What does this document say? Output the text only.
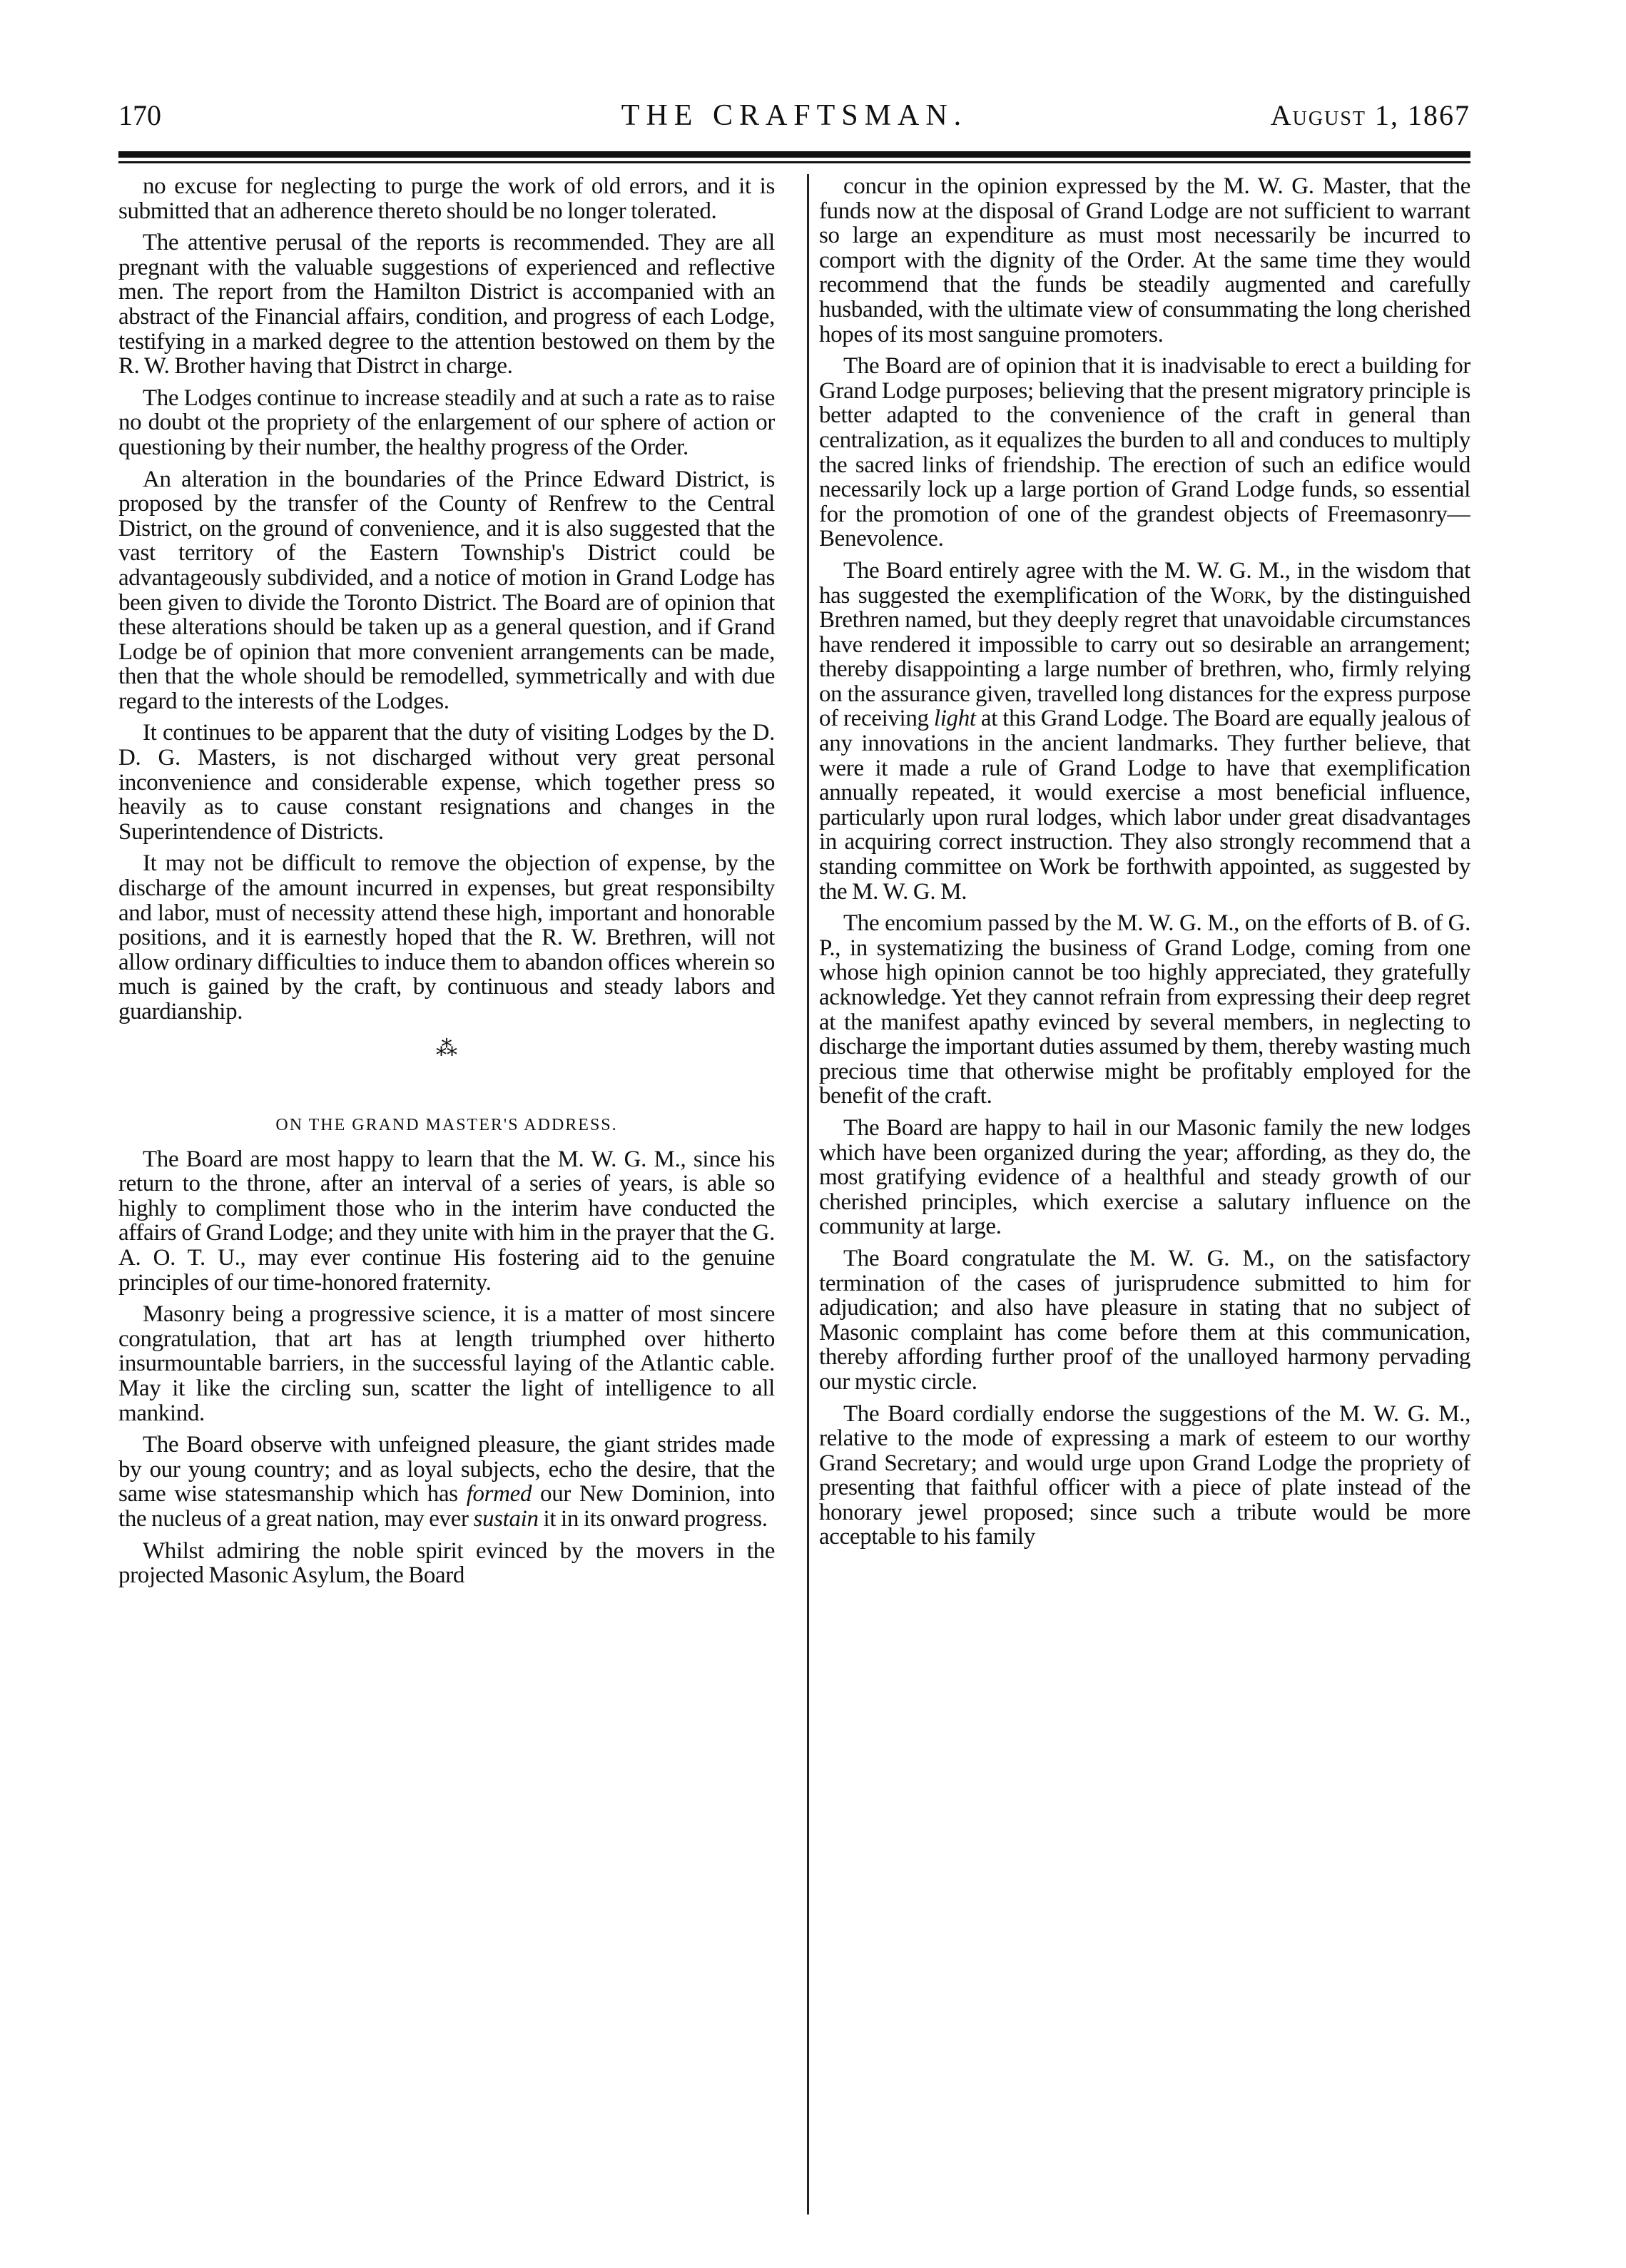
170	THE CRAFTSMAN.	August 1, 1867

no excuse for neglecting to purge the work of old errors, and it is submitted that an adherence thereto should be no longer tolerated.

The attentive perusal of the reports is recommended. They are all pregnant with the valuable suggestions of experienced and reflective men. The report from the Hamilton District is accompanied with an abstract of the Financial affairs, condition, and progress of each Lodge, testifying in a marked degree to the attention bestowed on them by the R. W. Brother having that Distrct in charge.

The Lodges continue to increase steadily and at such a rate as to raise no doubt ot the propriety of the enlargement of our sphere of action or questioning by their number, the healthy progress of the Order.

An alteration in the boundaries of the Prince Edward District, is proposed by the transfer of the County of Renfrew to the Central District, on the ground of convenience, and it is also suggested that the vast territory of the Eastern Township's District could be advantageously subdivided, and a notice of motion in Grand Lodge has been given to divide the Toronto District. The Board are of opinion that these alterations should be taken up as a general question, and if Grand Lodge be of opinion that more convenient arrangements can be made, then that the whole should be remodelled, symmetrically and with due regard to the interests of the Lodges.

It continues to be apparent that the duty of visiting Lodges by the D. D. G. Masters, is not discharged without very great personal inconvenience and considerable expense, which together press so heavily as to cause constant resignations and changes in the Superintendence of Districts.

It may not be difficult to remove the objection of expense, by the discharge of the amount incurred in expenses, but great responsibilty and labor, must of necessity attend these high, important and honorable positions, and it is earnestly hoped that the R. W. Brethren, will not allow ordinary difficulties to induce them to abandon offices wherein so much is gained by the craft, by continuous and steady labors and guardianship.

⁂
ON THE GRAND MASTER'S ADDRESS.

The Board are most happy to learn that the M. W. G. M., since his return to the throne, after an interval of a series of years, is able so highly to compliment those who in the interim have conducted the affairs of Grand Lodge; and they unite with him in the prayer that the G. A. O. T. U., may ever continue His fostering aid to the genuine principles of our time-honored fraternity.

Masonry being a progressive science, it is a matter of most sincere congratulation, that art has at length triumphed over hitherto insurmountable barriers, in the successful laying of the Atlantic cable. May it like the circling sun, scatter the light of intelligence to all mankind.

The Board observe with unfeigned pleasure, the giant strides made by our young country; and as loyal subjects, echo the desire, that the same wise statesmanship which has formed our New Dominion, into the nucleus of a great nation, may ever sustain it in its onward progress.

Whilst admiring the noble spirit evinced by the movers in the projected Masonic Asylum, the Board

concur in the opinion expressed by the M. W. G. Master, that the funds now at the disposal of Grand Lodge are not sufficient to warrant so large an expenditure as must most necessarily be incurred to comport with the dignity of the Order. At the same time they would recommend that the funds be steadily augmented and carefully husbanded, with the ultimate view of consummating the long cherished hopes of its most sanguine promoters.

The Board are of opinion that it is inadvisable to erect a building for Grand Lodge purposes; believing that the present migratory principle is better adapted to the convenience of the craft in general than centralization, as it equalizes the burden to all and conduces to multiply the sacred links of friendship. The erection of such an edifice would necessarily lock up a large portion of Grand Lodge funds, so essential for the promotion of one of the grandest objects of Freemasonry—Benevolence.

The Board entirely agree with the M. W. G. M., in the wisdom that has suggested the exemplification of the Work, by the distinguished Brethren named, but they deeply regret that unavoidable circumstances have rendered it impossible to carry out so desirable an arrangement; thereby disappointing a large number of brethren, who, firmly relying on the assurance given, travelled long distances for the express purpose of receiving light at this Grand Lodge. The Board are equally jealous of any innovations in the ancient landmarks. They further believe, that were it made a rule of Grand Lodge to have that exemplification annually repeated, it would exercise a most beneficial influence, particularly upon rural lodges, which labor under great disadvantages in acquiring correct instruction. They also strongly recommend that a standing committee on Work be forthwith appointed, as suggested by the M. W. G. M.

The encomium passed by the M. W. G. M., on the efforts of B. of G. P., in systematizing the business of Grand Lodge, coming from one whose high opinion cannot be too highly appreciated, they gratefully acknowledge. Yet they cannot refrain from expressing their deep regret at the manifest apathy evinced by several members, in neglecting to discharge the important duties assumed by them, thereby wasting much precious time that otherwise might be profitably employed for the benefit of the craft.

The Board are happy to hail in our Masonic family the new lodges which have been organized during the year; affording, as they do, the most gratifying evidence of a healthful and steady growth of our cherished principles, which exercise a salutary influence on the community at large.

The Board congratulate the M. W. G. M., on the satisfactory termination of the cases of jurisprudence submitted to him for adjudication; and also have pleasure in stating that no subject of Masonic complaint has come before them at this communication, thereby affording further proof of the unalloyed harmony pervading our mystic circle.

The Board cordially endorse the suggestions of the M. W. G. M., relative to the mode of expressing a mark of esteem to our worthy Grand Secretary; and would urge upon Grand Lodge the propriety of presenting that faithful officer with a piece of plate instead of the honorary jewel proposed; since such a tribute would be more acceptable to his family
